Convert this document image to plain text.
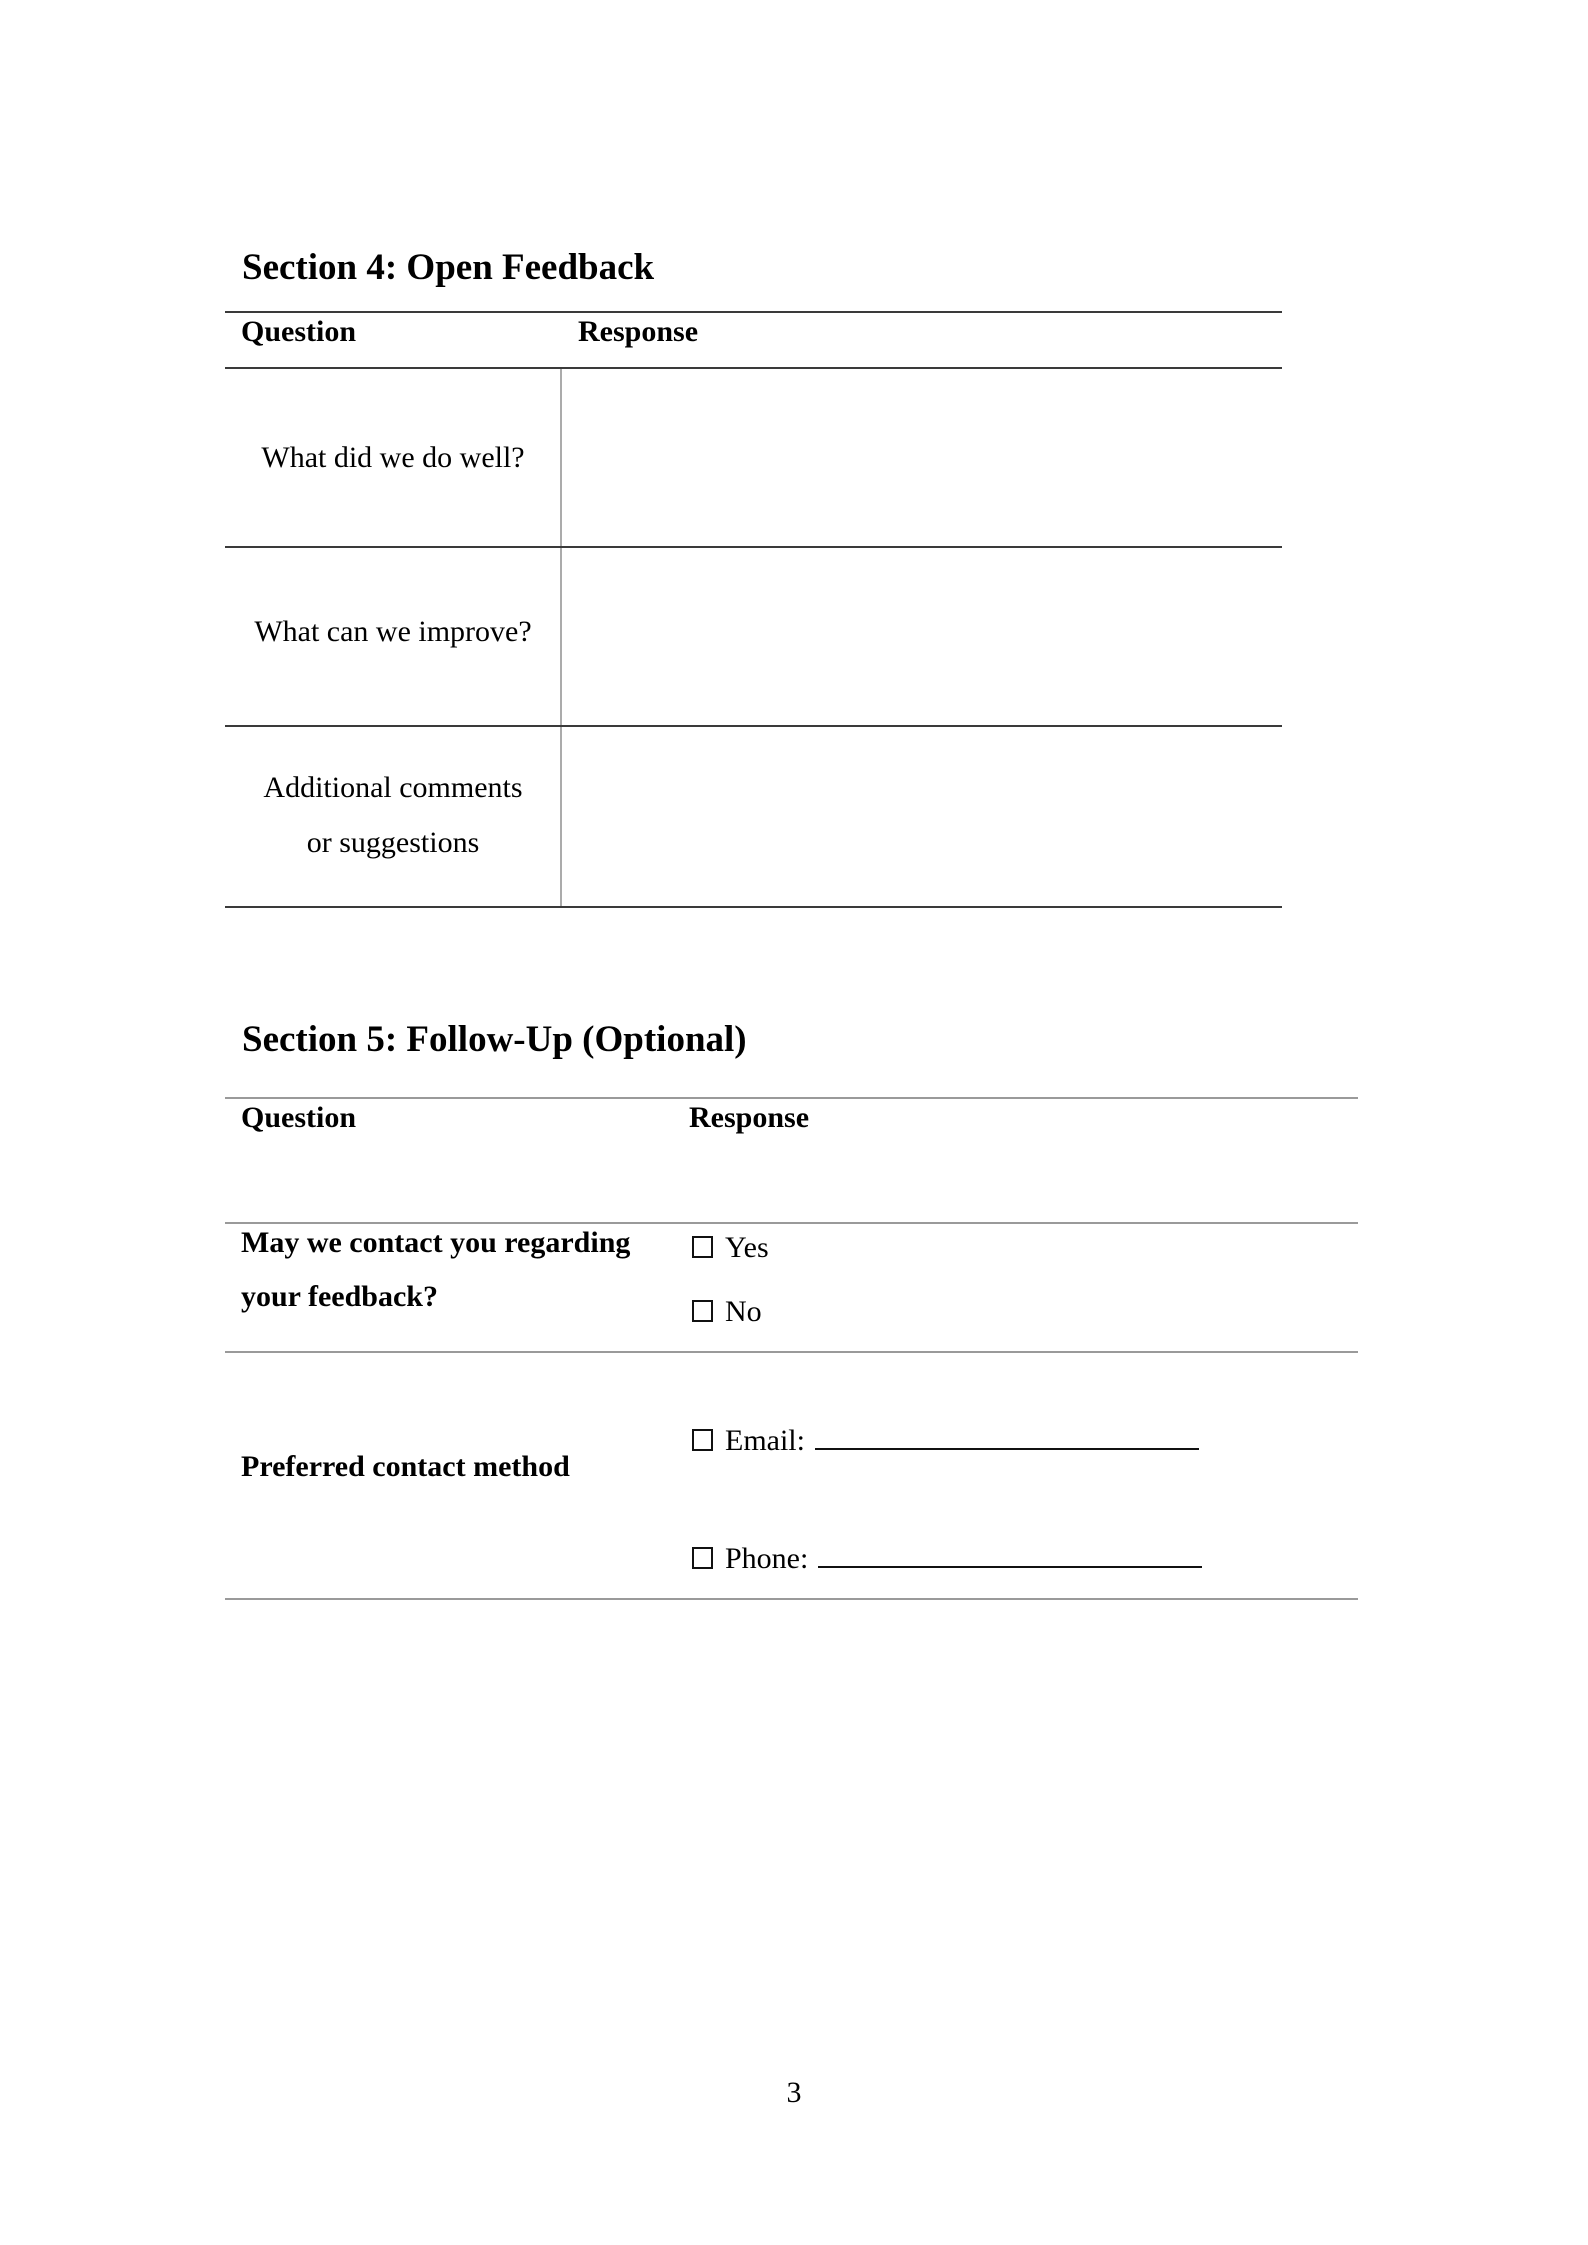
Section 4: Open Feedback
Question	Response
What did we do well?
What can we improve?
Additional comments
or suggestions
Section 5: Follow-Up (Optional)
Question	Response
May we contact you regarding
your feedback?
Yes
No
Preferred contact method
Email:
Phone:
3
